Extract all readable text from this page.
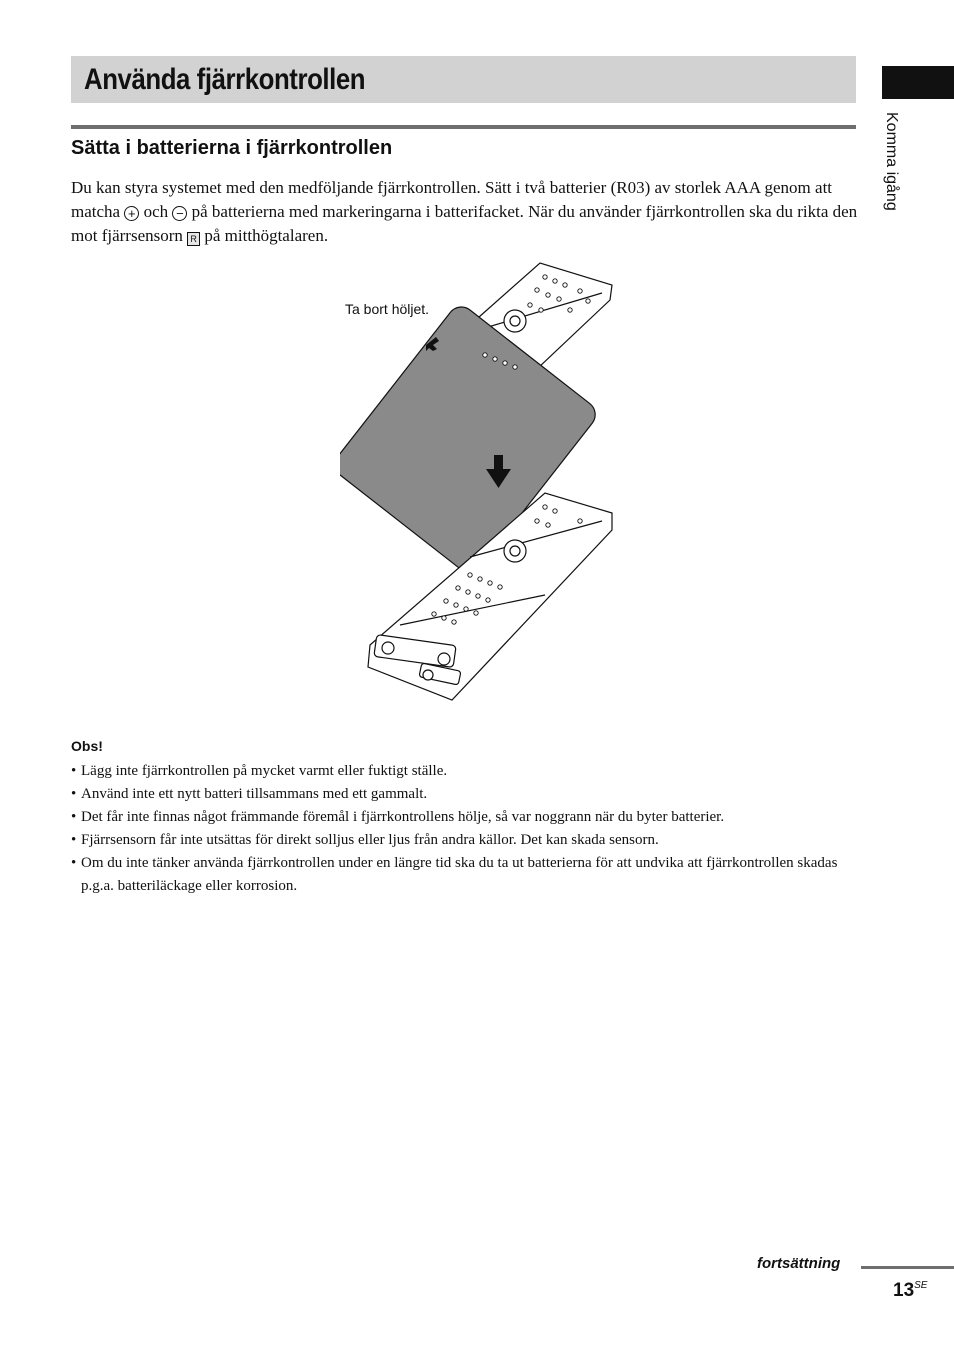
Använda fjärrkontrollen
Komma igång
Sätta i batterierna i fjärrkontrollen

Du kan styra systemet med den medföljande fjärrkontrollen. Sätt i två batterier (R03) av storlek AAA genom att matcha + och − på batterierna med markeringarna i batterifacket. När du använder fjärrkontrollen ska du rikta den mot fjärrsensorn R på mitthögtalaren.

Ta bort höljet.

Obs!

• Lägg inte fjärrkontrollen på mycket varmt eller fuktigt ställe.
• Använd inte ett nytt batteri tillsammans med ett gammalt.
• Det får inte finnas något främmande föremål i fjärrkontrollens hölje, så var noggrann när du byter batterier.
• Fjärrsensorn får inte utsättas för direkt solljus eller ljus från andra källor. Det kan skada sensorn.
• Om du inte tänker använda fjärrkontrollen under en längre tid ska du ta ut batterierna för att undvika att fjärrkontrollen skadas p.g.a. batteriläckage eller korrosion.
fortsättning
$13^{SE}$
